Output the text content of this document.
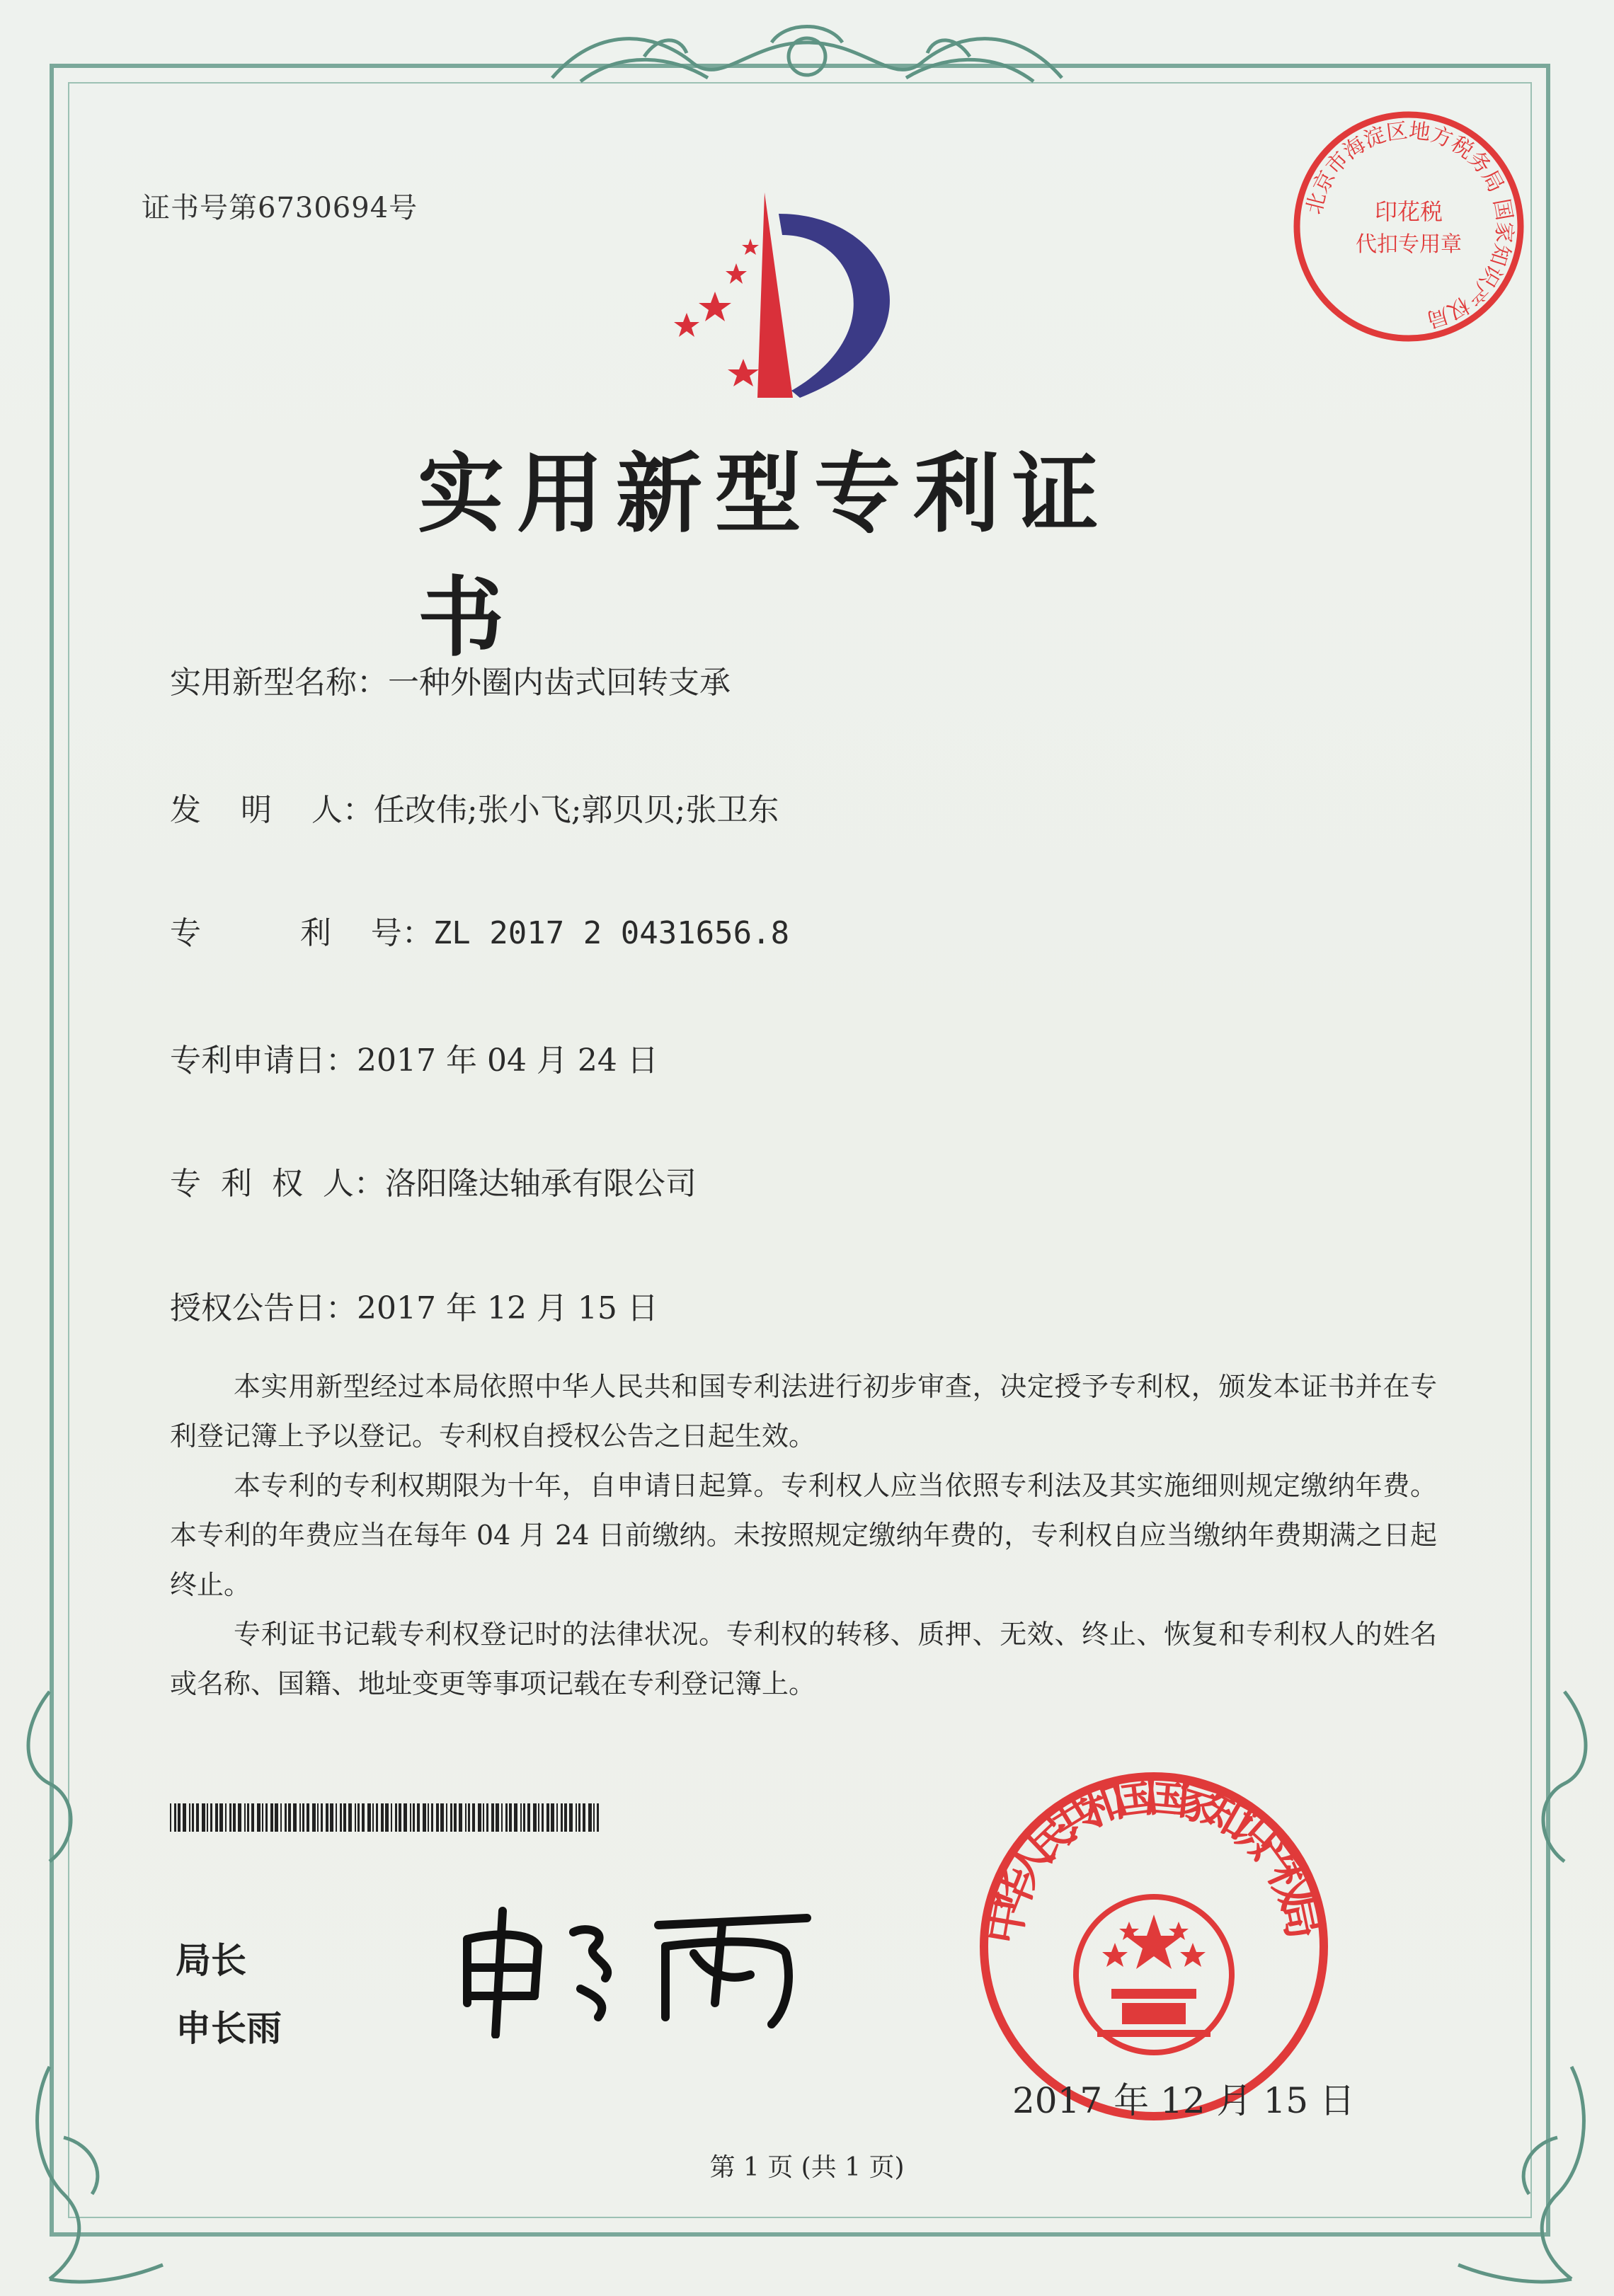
证书号第6730694号	北京市海淀区地方税务局 国家知识产权局
印花税
代扣专用章
实用新型专利证书
实用新型名称：一种外圈内齿式回转支承
发    明    人：任改伟;张小飞;郭贝贝;张卫东
专          利    号：ZL 2017 2 0431656.8
专利申请日：2017 年 04 月 24 日
专  利  权  人：洛阳隆达轴承有限公司
授权公告日：2017 年 12 月 15 日

本实用新型经过本局依照中华人民共和国专利法进行初步审查，决定授予专利权，颁发本证书并在专利登记簿上予以登记。专利权自授权公告之日起生效。

本专利的专利权期限为十年，自申请日起算。专利权人应当依照专利法及其实施细则规定缴纳年费。本专利的年费应当在每年 04 月 24 日前缴纳。未按照规定缴纳年费的，专利权自应当缴纳年费期满之日起终止。

专利证书记载专利权登记时的法律状况。专利权的转移、质押、无效、终止、恢复和专利权人的姓名或名称、国籍、地址变更等事项记载在专利登记簿上。

局长
申长雨
中华人民共和国国家知识产权局
2017 年 12 月 15 日
第 1 页 (共 1 页)
